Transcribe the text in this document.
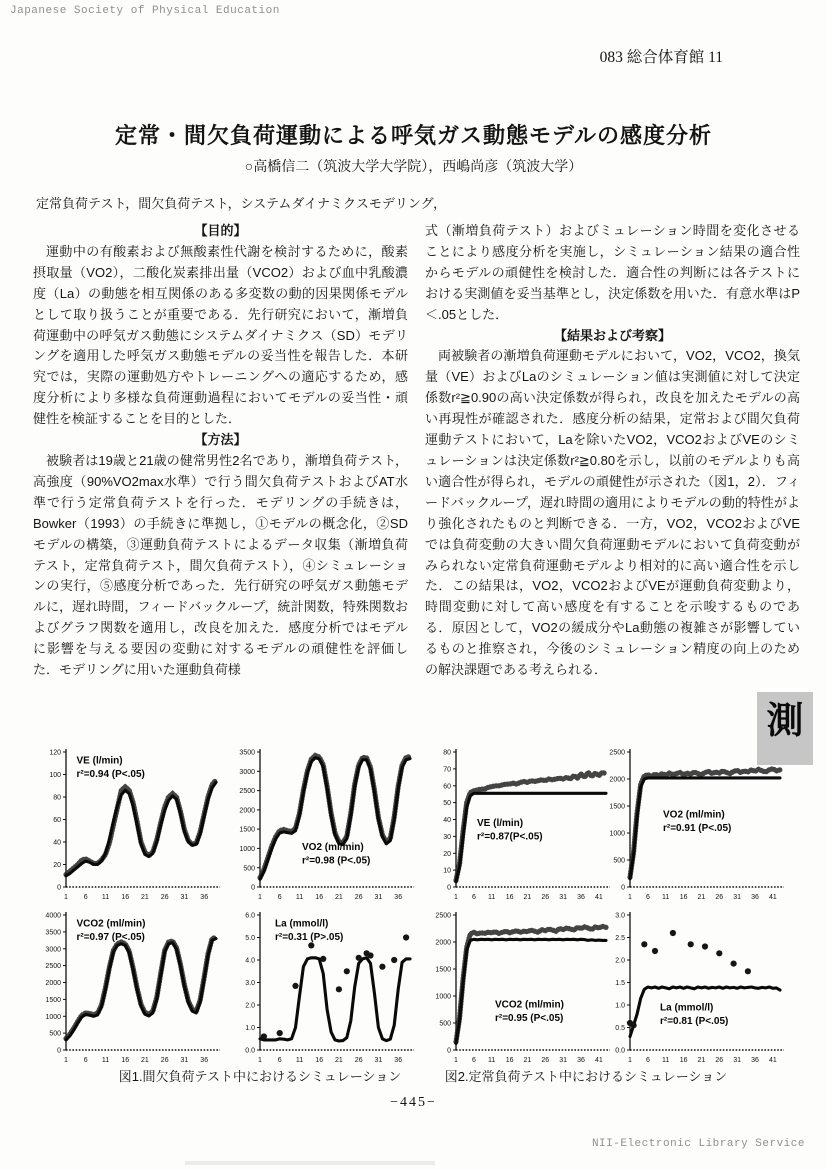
Japanese Society of Physical Education
083 総合体育館 11
定常・間欠負荷運動による呼気ガス動態モデルの感度分析
○高橋信二（筑波大学大学院），西嶋尚彦（筑波大学）
定常負荷テスト，間欠負荷テスト，システムダイナミクスモデリング，

【目的】

運動中の有酸素および無酸素性代謝を検討するために，酸素摂取量（VO2），二酸化炭素排出量（VCO2）および血中乳酸濃度（La）の動態を相互関係のある多変数の動的因果関係モデルとして取り扱うことが重要である．先行研究において，漸増負荷運動中の呼気ガス動態にシステムダイナミクス（SD）モデリングを適用した呼気ガス動態モデルの妥当性を報告した．本研究では，実際の運動処方やトレーニングへの適応するため，感度分析により多様な負荷運動過程においてモデルの妥当性・頑健性を検証することを目的とした．

【方法】

被験者は19歳と21歳の健常男性2名であり，漸増負荷テスト，高強度（90%VO2max水準）で行う間欠負荷テストおよびAT水準で行う定常負荷テストを行った．モデリングの手続きは，Bowker（1993）の手続きに準拠し，①モデルの概念化，②SDモデルの構築，③運動負荷テストによるデータ収集（漸増負荷テスト，定常負荷テスト，間欠負荷テスト），④シミュレーションの実行，⑤感度分析であった．先行研究の呼気ガス動態モデルに，遅れ時間，フィードバックループ，統計関数，特殊関数およびグラフ関数を適用し，改良を加えた．感度分析ではモデルに影響を与える要因の変動に対するモデルの頑健性を評価した．モデリングに用いた運動負荷様

式（漸増負荷テスト）およびミュレーション時間を変化させることにより感度分析を実施し，シミュレーション結果の適合性からモデルの頑健性を検討した．適合性の判断には各テストにおける実測値を妥当基準とし，決定係数を用いた．有意水準はP＜.05とした．

【結果および考察】

両被験者の漸増負荷運動モデルにおいて，VO2，VCO2，換気量（VE）およびLaのシミュレーション値は実測値に対して決定係数r²≧0.90の高い決定係数が得られ，改良を加えたモデルの高い再現性が確認された．感度分析の結果，定常および間欠負荷運動テストにおいて，Laを除いたVO2，VCO2およびVEのシミュレーションは決定係数r²≧0.80を示し，以前のモデルよりも高い適合性が得られ，モデルの頑健性が示された（図1，2）．フィードバックループ，遅れ時間の適用によりモデルの動的特性がより強化されたものと判断できる．一方，VO2，VCO2およびVEでは負荷変動の大きい間欠負荷運動モデルにおいて負荷変動がみられない定常負荷運動モデルより相対的に高い適合性を示した．この結果は，VO2，VCO2およびVEが運動負荷変動より，時間変動に対して高い感度を有することを示唆するものである．原因として，VO2の緩成分やLa動態の複雑さが影響しているものと推察され，今後のシミュレーション精度の向上のための解決課題である考えられる．

0
20
40
60
80
100
120
1 6 11 16 21 26 31 36
VE (l/min)
r²=0.94 (P<.05)
0
500
1000
1500
2000
2500
3000
3500
1 6 11 16 21 26 31 36
VO2 (ml/min)
r²=0.98 (P<.05)
0
10
20
30
40
50
60
70
80
1 6 11 16 21 26 31 36 41
VE (l/min)
r²=0.87(P<.05)
0
500
1000
1500
2000
2500
1 6 11 16 21 26 31 36 41
VO2 (ml/min)
r²=0.91 (P<.05)
0
500
1000
1500
2000
2500
3000
3500
4000
1 6 11 16 21 26 31 36
VCO2 (ml/min)
r²=0.97 (P<.05)
0.0
1.0
2.0
3.0
4.0
5.0
6.0
1 6 11 16 21 26 31 36
La (mmol/l)
r²=0.31 (P>.05)
0
500
1000
1500
2000
2500
1 6 11 16 21 26 31 36 41
VCO2 (ml/min)
r²=0.95 (P<.05)
0.0
0.5
1.0
1.5
2.0
2.5
3.0
1 6 11 16 21 26 31 36 41
La (mmol/l)
r²=0.81 (P<.05)
図1.間欠負荷テスト中におけるシミュレーション	図2.定常負荷テスト中におけるシミュレーション
測
−445−
NII-Electronic Library Service
